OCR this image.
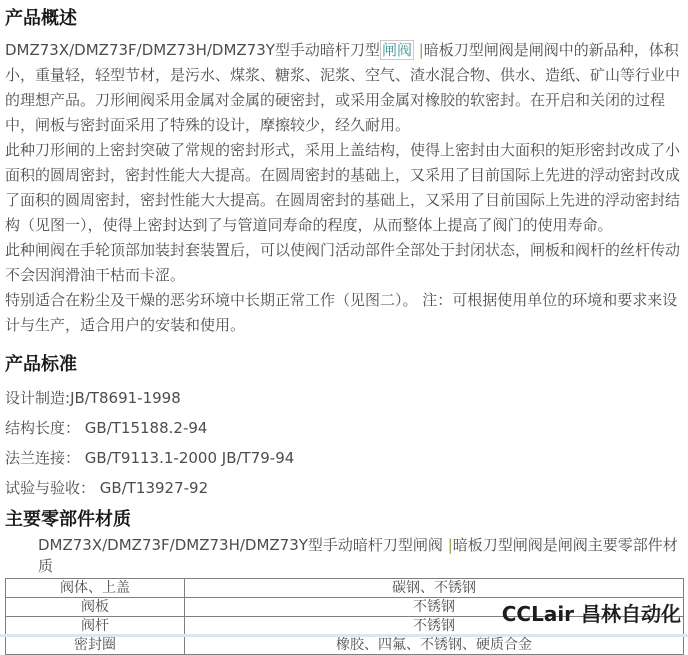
产品概述

DMZ73X/DMZ73F/DMZ73H/DMZ73Y型手动暗杆刀型 闸阀 |暗板刀型闸阀是闸阀中的新品种，体积小，重量轻，轻型节材，是污水、煤浆、糖浆、泥浆、空气、渣水混合物、供水、造纸、矿山等行业中的理想产品。刀形闸阀采用金属对金属的硬密封，或采用金属对橡胶的软密封。在开启和关闭的过程中，闸板与密封面采用了特殊的设计，摩擦较少，经久耐用。

此种刀形闸的上密封突破了常规的密封形式，采用上盖结构，使得上密封由大面积的矩形密封改成了小面积的圆周密封，密封性能大大提高。在圆周密封的基础上，又采用了目前国际上先进的浮动密封改成了面积的圆周密封，密封性能大大提高。在圆周密封的基础上，又采用了目前国际上先进的浮动密封结构（见图一），使得上密封达到了与管道同寿命的程度，从而整体上提高了阀门的使用寿命。

此种闸阀在手轮顶部加装封套装置后，可以使阀门活动部件全部处于封闭状态，闸板和阀杆的丝杆传动不会因润滑油干枯而卡涩。

特别适合在粉尘及干燥的恶劣环境中长期正常工作（见图二）。 注：可根据使用单位的环境和要求来设计与生产，适合用户的安装和使用。

产品标准

设计制造:JB/T8691-1998

结构长度： GB/T15188.2-94

法兰连接： GB/T9113.1-2000 JB/T79-94

试验与验收： GB/T13927-92

主要零部件材质

DMZ73X/DMZ73F/DMZ73H/DMZ73Y型手动暗杆刀型闸阀 |暗板刀型闸阀是闸阀主要零部件材质

阀体、上盖	碳钢、不锈钢
阀板	不锈钢
阀杆	不锈钢
密封圈	橡胶、四氟、不锈钢、硬质合金
CCLair 昌林自动化
